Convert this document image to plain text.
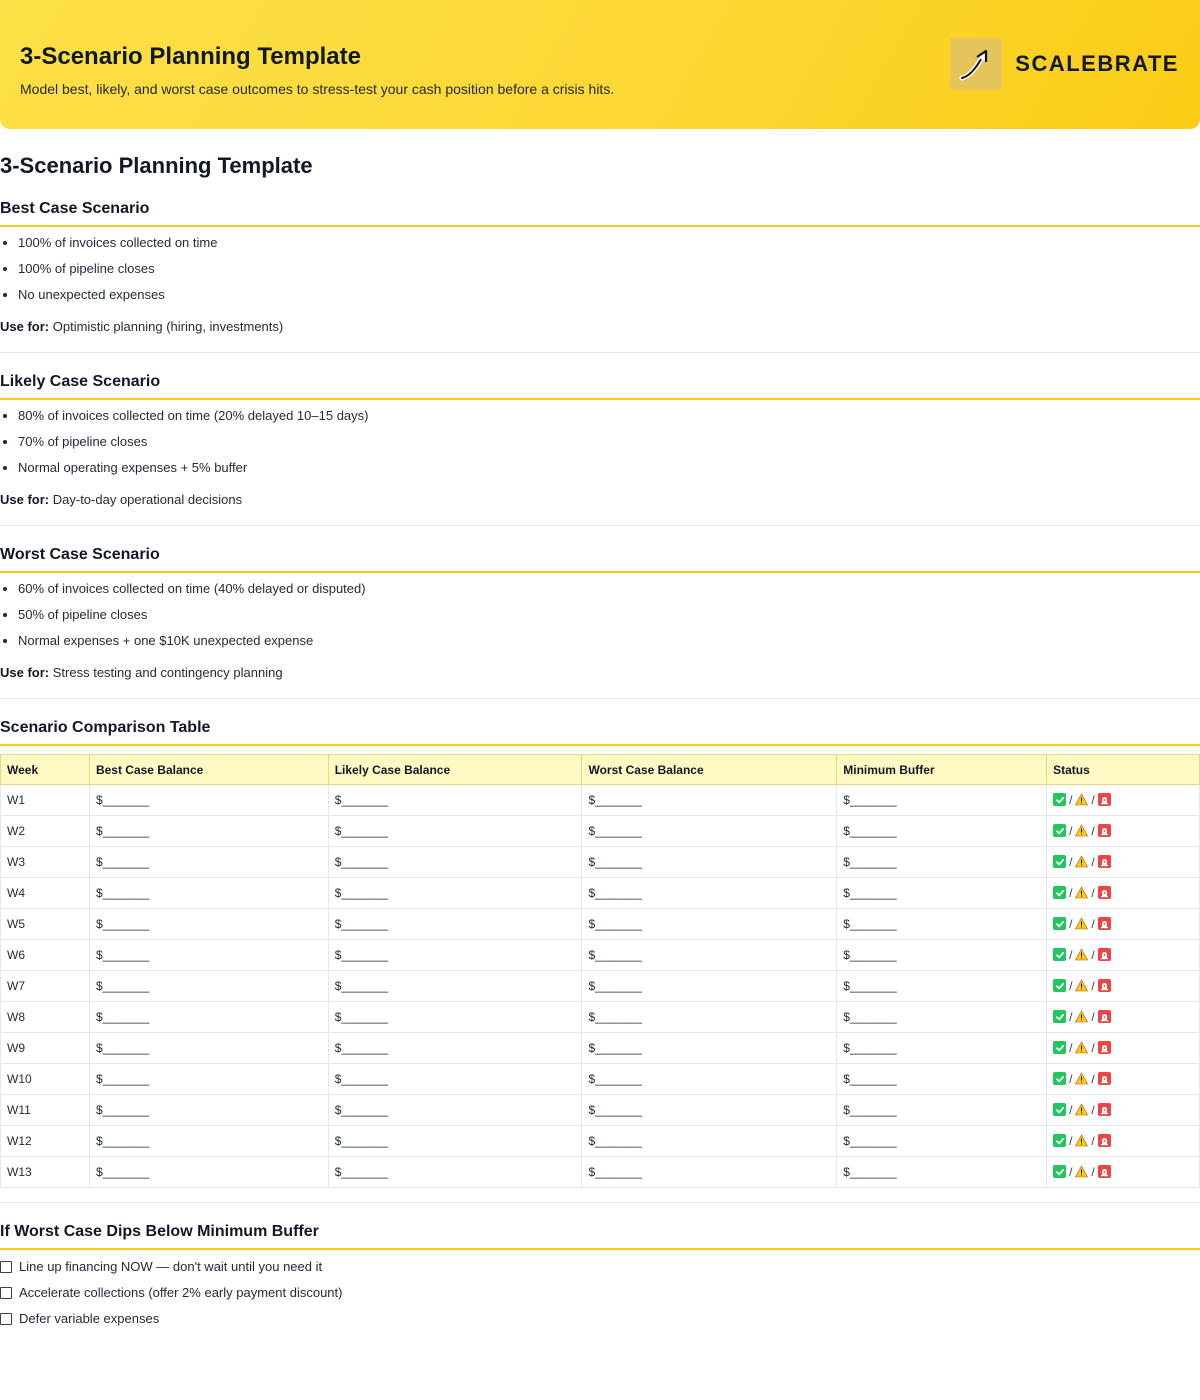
3-Scenario Planning Template

Model best, likely, and worst case outcomes to stress-test your cash position before a crisis hits.

SCALEBRATE
3-Scenario Planning Template
Best Case Scenario
• 100% of invoices collected on time
• 100% of pipeline closes
• No unexpected expenses

Use for: Optimistic planning (hiring, investments)

Likely Case Scenario
• 80% of invoices collected on time (20% delayed 10–15 days)
• 70% of pipeline closes
• Normal operating expenses + 5% buffer

Use for: Day-to-day operational decisions

Worst Case Scenario
• 60% of invoices collected on time (40% delayed or disputed)
• 50% of pipeline closes
• Normal expenses + one $10K unexpected expense

Use for: Stress testing and contingency planning

Scenario Comparison Table
Week	Best Case Balance	Likely Case Balance	Worst Case Balance	Minimum Buffer	Status
W1	$_______	$_______	$_______	$_______	/ /

W2	$_______	$_______	$_______	$_______	/ /

W3	$_______	$_______	$_______	$_______	/ /

W4	$_______	$_______	$_______	$_______	/ /

W5	$_______	$_______	$_______	$_______	/ /

W6	$_______	$_______	$_______	$_______	/ /

W7	$_______	$_______	$_______	$_______	/ /

W8	$_______	$_______	$_______	$_______	/ /

W9	$_______	$_______	$_______	$_______	/ /

W10	$_______	$_______	$_______	$_______	/ /

W11	$_______	$_______	$_______	$_______	/ /

W12	$_______	$_______	$_______	$_______	/ /

W13	$_______	$_______	$_______	$_______	/ /
If Worst Case Dips Below Minimum Buffer
Line up financing NOW — don't wait until you need it
Accelerate collections (offer 2% early payment discount)
Defer variable expenses
